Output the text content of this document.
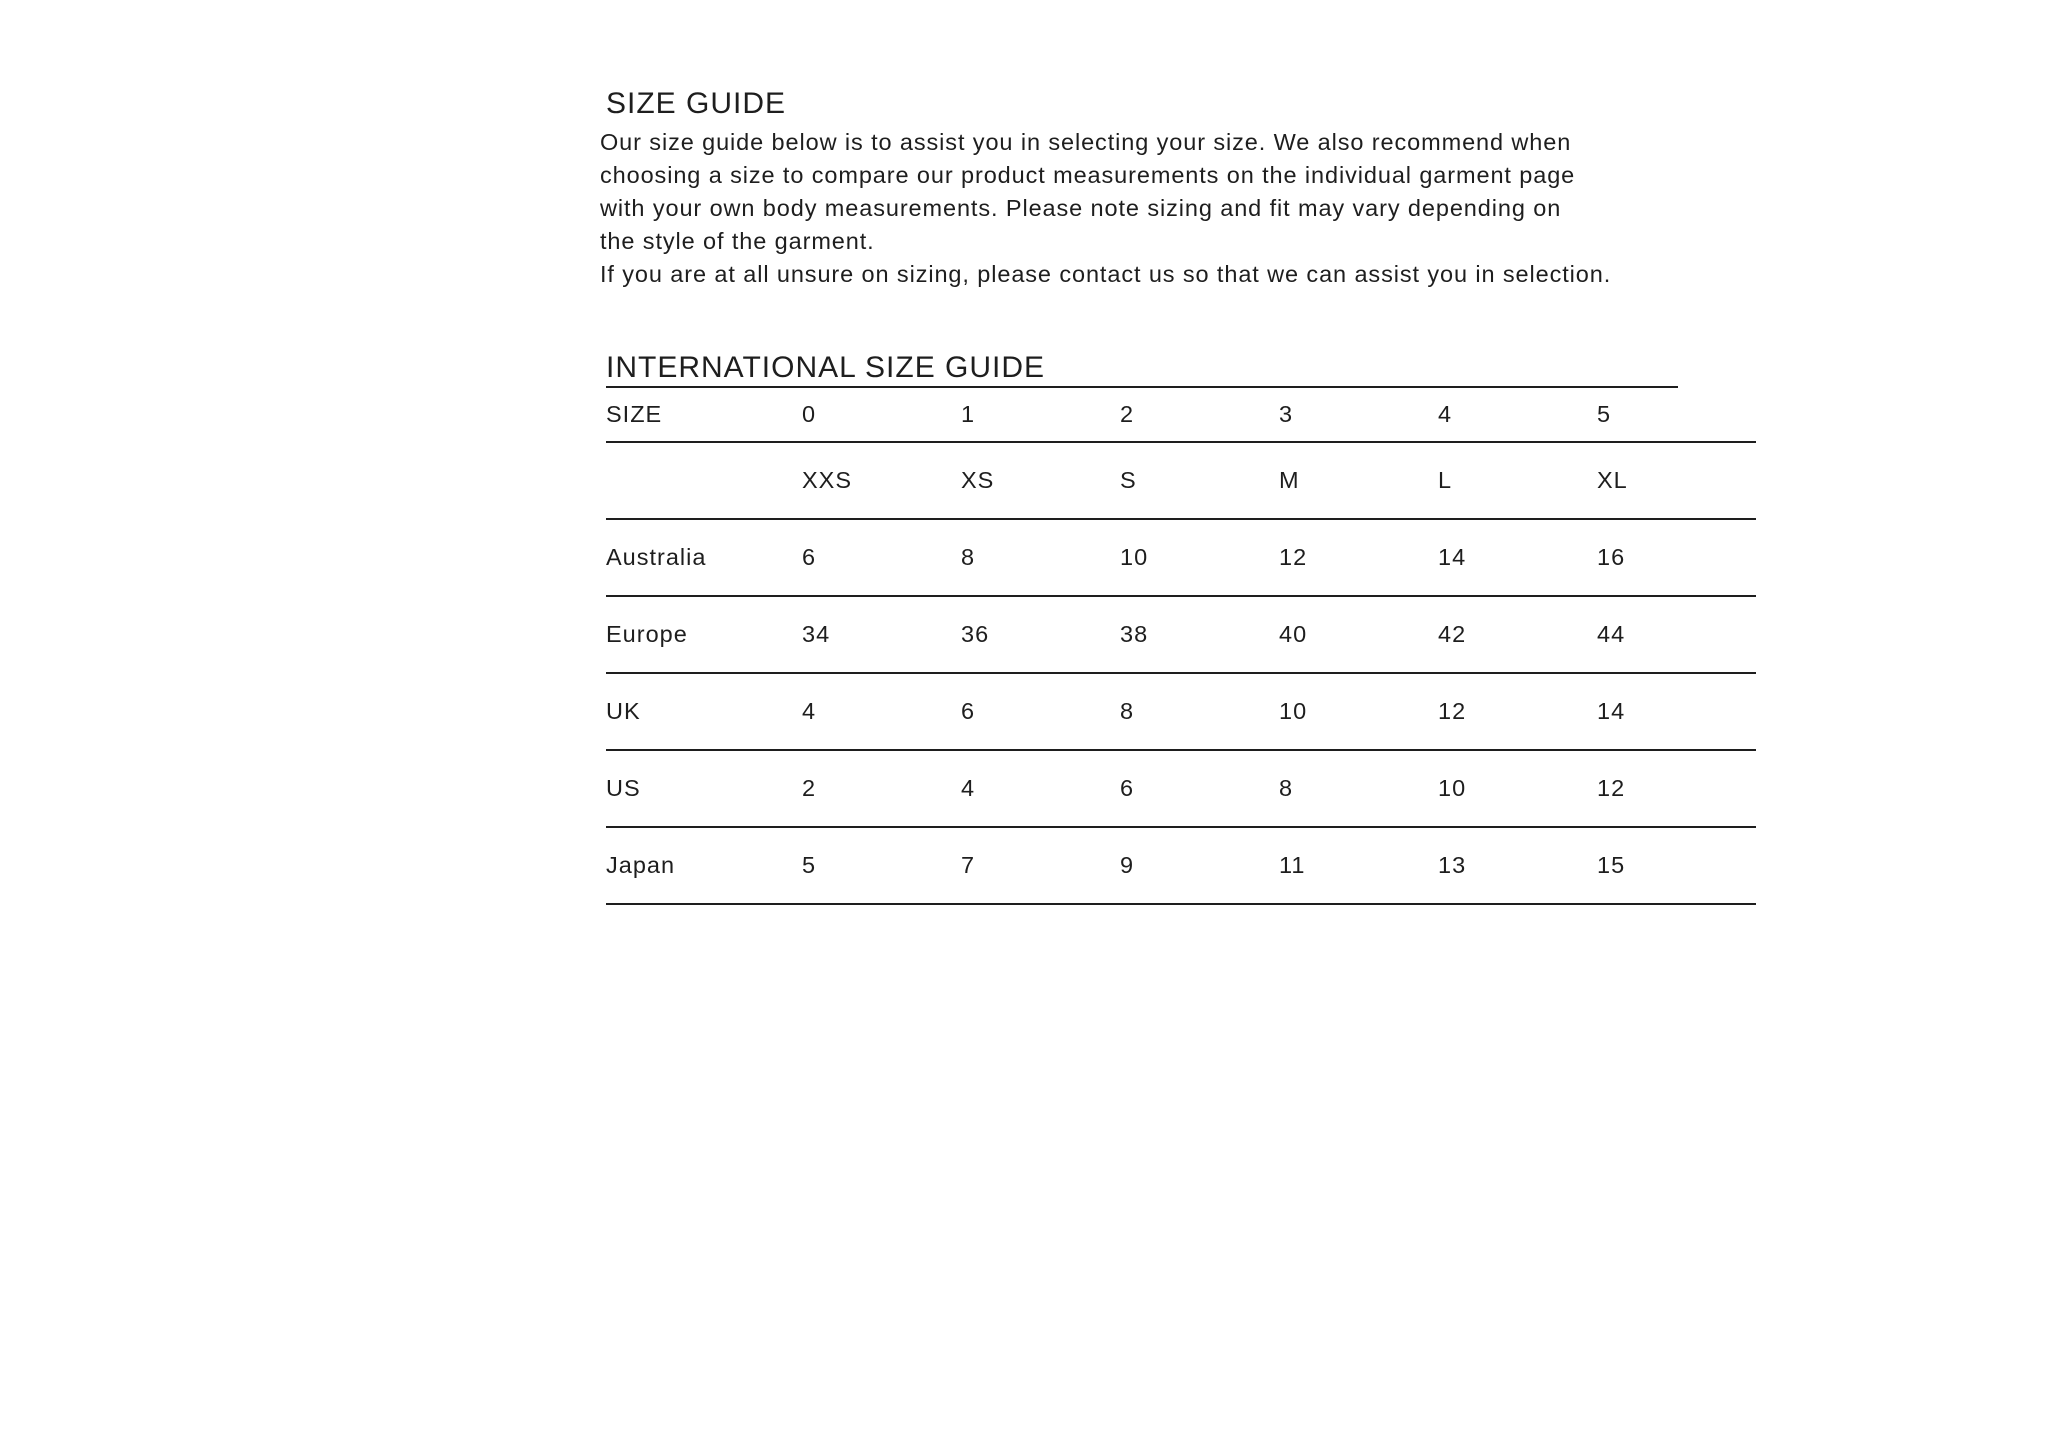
SIZE GUIDE

Our size guide below is to assist you in selecting your size. We also recommend when

choosing a size to compare our product measurements on the individual garment page

with your own body measurements. Please note sizing and fit may vary depending on

the style of the garment.

If you are at all unsure on sizing, please contact us so that we can assist you in selection.

INTERNATIONAL SIZE GUIDE
SIZE	0	1	2	3	4	5
	XXS	XS	S	M	L	XL
Australia	6	8	10	12	14	16
Europe	34	36	38	40	42	44
UK	4	6	8	10	12	14
US	2	4	6	8	10	12
Japan	5	7	9	11	13	15
